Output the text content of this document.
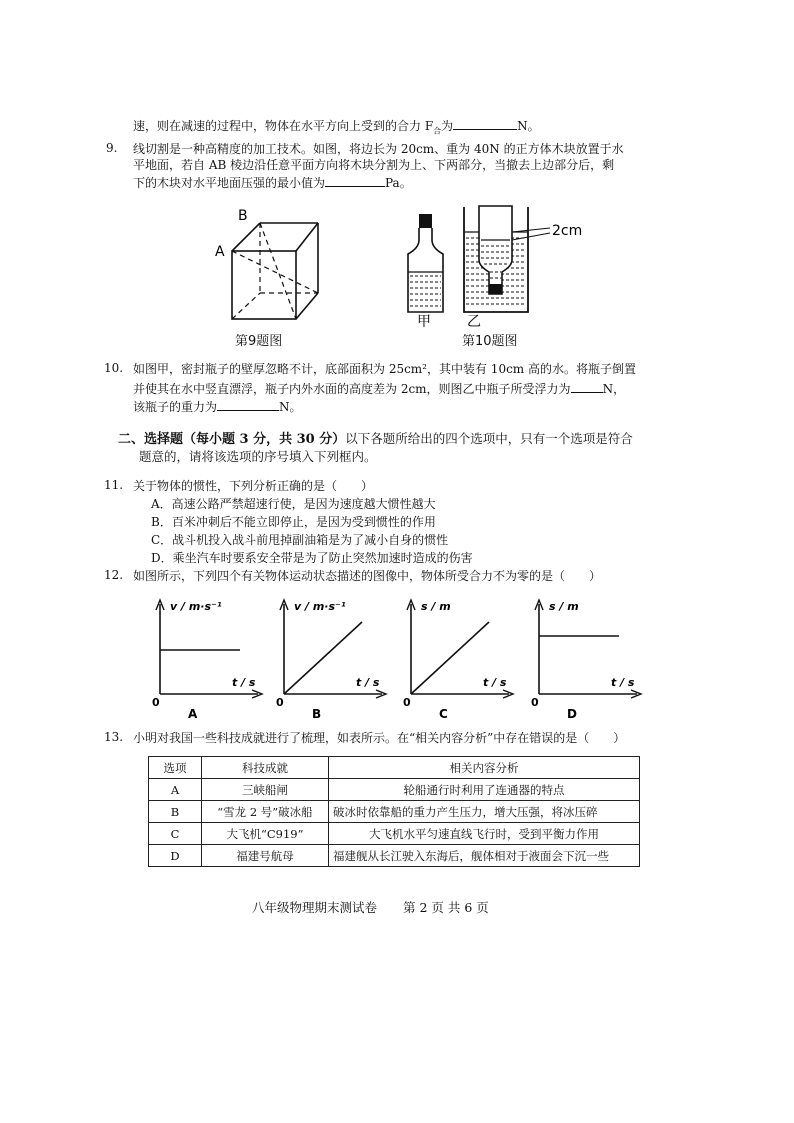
速，则在减速的过程中，物体在水平方向上受到的合力 $F_合$为	N。
9. 线切割是一种高精度的加工技术。如图，将边长为 20cm、重为 40N 的正方体木块放置于水
平地面，若自 AB 棱边沿任意平面方向将木块分割为上、下两部分，当撤去上边部分后，剩
下的木块对水平地面压强的最小值为	Pa。
B
A
2cm
甲	乙
第9题图	第10题图
10. 如图甲，密封瓶子的壁厚忽略不计，底部面积为 25cm²，其中装有 10cm 高的水。将瓶子倒置
并使其在水中竖直漂浮，瓶子内外水面的高度差为 2cm，则图乙中瓶子所受浮力为	N，
该瓶子的重力为	N。
二、选择题（每小题 3 分，共 30 分）以下各题所给出的四个选项中，只有一个选项是符合
题意的，请将该选项的序号填入下列框内。
11. 关于物体的惯性，下列分析正确的是（　　）
A．高速公路严禁超速行使，是因为速度越大惯性越大
B．百米冲刺后不能立即停止，是因为受到惯性的作用
C．战斗机投入战斗前甩掉副油箱是为了减小自身的惯性
D．乘坐汽车时要系安全带是为了防止突然加速时造成的伤害
12. 如图所示，下列四个有关物体运动状态描述的图像中，物体所受合力不为零的是（　　）
v / m·s⁻¹
t / s
0
A
v / m·s⁻¹
t / s
0
B
s / m
t / s
0
C
s / m
t / s
0
D
13. 小明对我国一些科技成就进行了梳理，如表所示。在“相关内容分析”中存在错误的是（　　）
选项	科技成就	相关内容分析
A	三峡船闸	轮船通行时利用了连通器的特点
B	“雪龙 2 号”破冰船	破冰时依靠船的重力产生压力，增大压强，将冰压碎
C	大飞机“C919”	大飞机水平匀速直线飞行时，受到平衡力作用
D	福建号航母	福建舰从长江驶入东海后，舰体相对于液面会下沉一些
八年级物理期末测试卷 第 2 页 共 6 页
